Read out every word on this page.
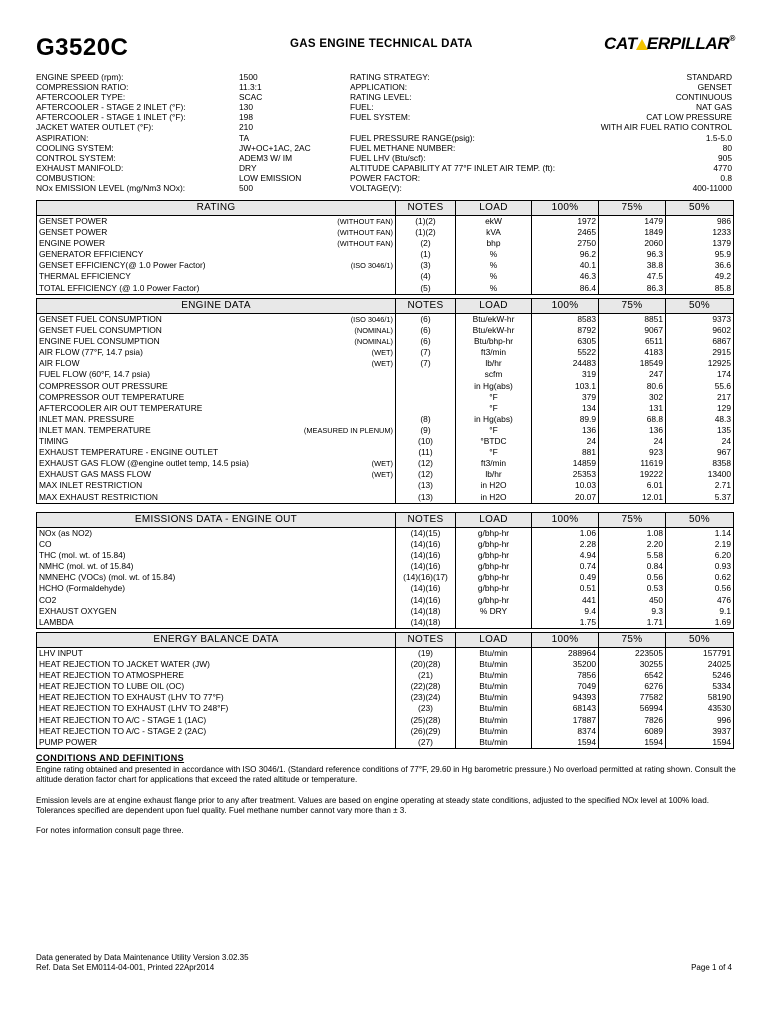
G3520C	GAS ENGINE TECHNICAL DATA	CAT ERPILLAR®
ENGINE SPEED (rpm):	1500
COMPRESSION RATIO:	11.3:1
AFTERCOOLER TYPE:	SCAC
AFTERCOOLER - STAGE 2 INLET (°F):	130
AFTERCOOLER - STAGE 1 INLET (°F):	198
JACKET WATER OUTLET (°F):	210
ASPIRATION:	TA
COOLING SYSTEM:	JW+OC+1AC, 2AC
CONTROL SYSTEM:	ADEM3 W/ IM
EXHAUST MANIFOLD:	DRY
COMBUSTION:	LOW EMISSION
NOx EMISSION LEVEL (mg/Nm3 NOx):	500
RATING STRATEGY:	STANDARD
APPLICATION:	GENSET
RATING LEVEL:	CONTINUOUS
FUEL:	NAT GAS
FUEL SYSTEM:	CAT LOW PRESSURE
WITH AIR FUEL RATIO CONTROL
FUEL PRESSURE RANGE(psig):	1.5-5.0
FUEL METHANE NUMBER:	80
FUEL LHV (Btu/scf):	905
ALTITUDE CAPABILITY AT 77°F INLET AIR TEMP. (ft):	4770
POWER FACTOR:	0.8
VOLTAGE(V):	400-11000
RATING	NOTES	LOAD	100%	75%	50%

(WITHOUT FAN)
GENSET POWER	(1)(2)	ekW	1972	1479	986

(WITHOUT FAN)
GENSET POWER	(1)(2)	kVA	2465	1849	1233

(WITHOUT FAN)
ENGINE POWER	(2)	bhp	2750	2060	1379

GENERATOR EFFICIENCY	(1)	%	96.2	96.3	95.9

(ISO 3046/1)
GENSET EFFICIENCY(@ 1.0 Power Factor)	(3)	%	40.1	38.8	36.6

THERMAL EFFICIENCY	(4)	%	46.3	47.5	49.2

TOTAL EFFICIENCY (@ 1.0 Power Factor)	(5)	%	86.4	86.3	85.8
ENGINE DATA	NOTES	LOAD	100%	75%	50%

(ISO 3046/1)
GENSET FUEL CONSUMPTION	(6)	Btu/ekW-hr	8583	8851	9373

(NOMINAL)
GENSET FUEL CONSUMPTION	(6)	Btu/ekW-hr	8792	9067	9602

(NOMINAL)
ENGINE FUEL CONSUMPTION	(6)	Btu/bhp-hr	6305	6511	6867

(WET)
AIR FLOW (77°F, 14.7 psia)	(7)	ft3/min	5522	4183	2915

(WET)
AIR FLOW	(7)	lb/hr	24483	18549	12925

FUEL FLOW (60°F, 14.7 psia)		scfm	319	247	174

COMPRESSOR OUT PRESSURE		in Hg(abs)	103.1	80.6	55.6

COMPRESSOR OUT TEMPERATURE		°F	379	302	217

AFTERCOOLER AIR OUT TEMPERATURE		°F	134	131	129

INLET MAN. PRESSURE	(8)	in Hg(abs)	89.9	68.8	48.3

(MEASURED IN PLENUM)
INLET MAN. TEMPERATURE	(9)	°F	136	136	135

TIMING	(10)	°BTDC	24	24	24

EXHAUST TEMPERATURE - ENGINE OUTLET	(11)	°F	881	923	967

(WET)
EXHAUST GAS FLOW (@engine outlet temp, 14.5 psia)	(12)	ft3/min	14859	11619	8358

(WET)
EXHAUST GAS MASS FLOW	(12)	lb/hr	25353	19222	13400

MAX INLET RESTRICTION	(13)	in H2O	10.03	6.01	2.71

MAX EXHAUST RESTRICTION	(13)	in H2O	20.07	12.01	5.37
EMISSIONS DATA - ENGINE OUT	NOTES	LOAD	100%	75%	50%

NOx (as NO2)	(14)(15)	g/bhp-hr	1.06	1.08	1.14

CO	(14)(16)	g/bhp-hr	2.28	2.20	2.19

THC (mol. wt. of 15.84)	(14)(16)	g/bhp-hr	4.94	5.58	6.20

NMHC (mol. wt. of 15.84)	(14)(16)	g/bhp-hr	0.74	0.84	0.93

NMNEHC (VOCs) (mol. wt. of 15.84)	(14)(16)(17)	g/bhp-hr	0.49	0.56	0.62

HCHO (Formaldehyde)	(14)(16)	g/bhp-hr	0.51	0.53	0.56

CO2	(14)(16)	g/bhp-hr	441	450	476

EXHAUST OXYGEN	(14)(18)	% DRY	9.4	9.3	9.1

LAMBDA	(14)(18)		1.75	1.71	1.69
ENERGY BALANCE DATA	NOTES	LOAD	100%	75%	50%

LHV INPUT	(19)	Btu/min	288964	223505	157791

HEAT REJECTION TO JACKET WATER (JW)	(20)(28)	Btu/min	35200	30255	24025

HEAT REJECTION TO ATMOSPHERE	(21)	Btu/min	7856	6542	5246

HEAT REJECTION TO LUBE OIL (OC)	(22)(28)	Btu/min	7049	6276	5334

HEAT REJECTION TO EXHAUST (LHV TO 77°F)	(23)(24)	Btu/min	94393	77582	58190

HEAT REJECTION TO EXHAUST (LHV TO 248°F)	(23)	Btu/min	68143	56994	43530

HEAT REJECTION TO A/C - STAGE 1 (1AC)	(25)(28)	Btu/min	17887	7826	996

HEAT REJECTION TO A/C - STAGE 2 (2AC)	(26)(29)	Btu/min	8374	6089	3937

PUMP POWER	(27)	Btu/min	1594	1594	1594
CONDITIONS AND DEFINITIONS

Engine rating obtained and presented in accordance with ISO 3046/1. (Standard reference conditions of 77°F, 29.60 in Hg barometric pressure.) No overload permitted at rating shown. Consult the altitude deration factor chart for applications that exceed the rated altitude or temperature.

Emission levels are at engine exhaust flange prior to any after treatment. Values are based on engine operating at steady state conditions, adjusted to the specified NOx level at 100% load. Tolerances specified are dependent upon fuel quality. Fuel methane number cannot vary more than ± 3.

For notes information consult page three.

Data generated by Data Maintenance Utility Version 3.02.35
Ref. Data Set EM0114-04-001, Printed 22Apr2014	Page 1 of 4
